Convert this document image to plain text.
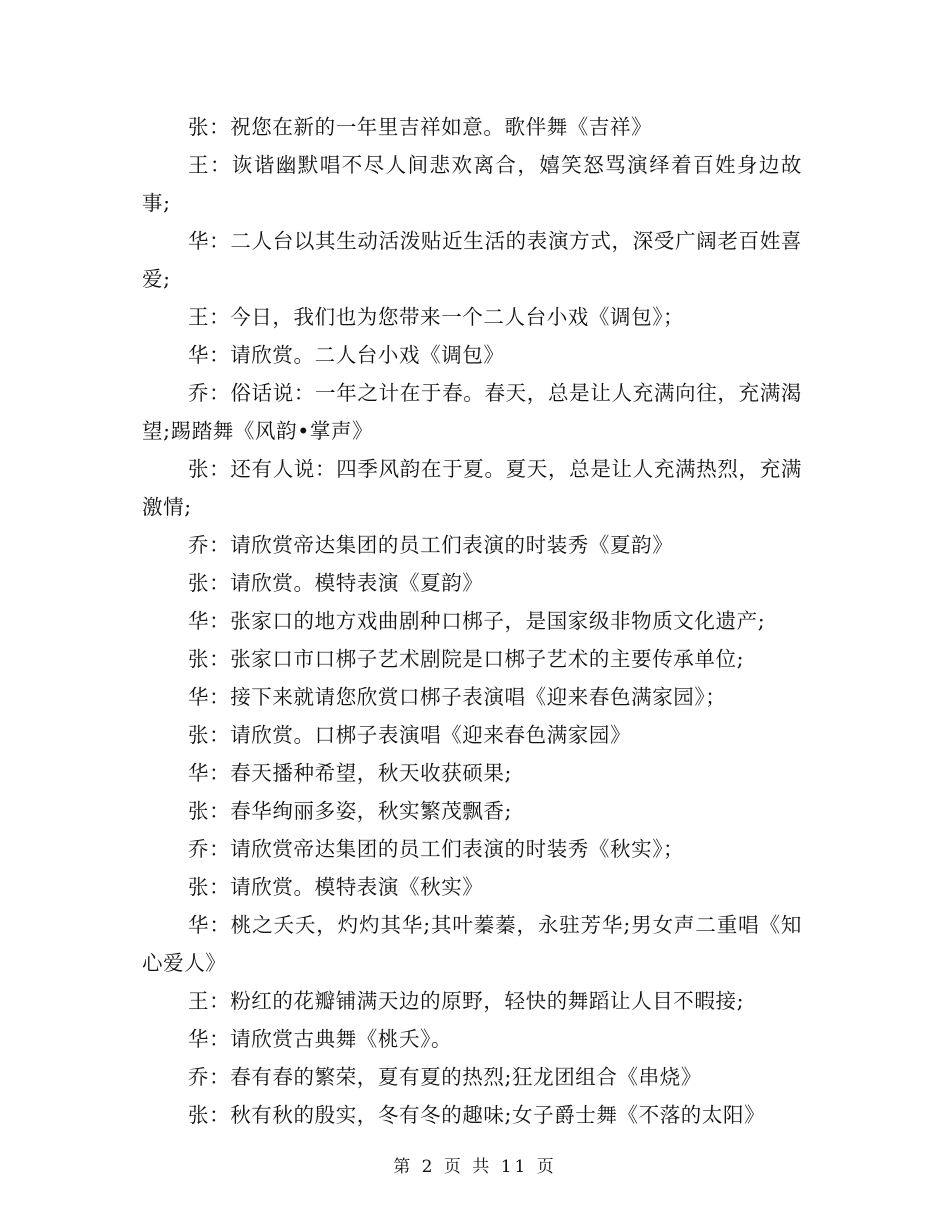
张：祝您在新的一年里吉祥如意。歌伴舞《吉祥》

王：诙谐幽默唱不尽人间悲欢离合，嬉笑怒骂演绎着百姓身边故事;

华：二人台以其生动活泼贴近生活的表演方式，深受广阔老百姓喜爱;

王：今日，我们也为您带来一个二人台小戏《调包》；

华：请欣赏。二人台小戏《调包》

乔：俗话说：一年之计在于春。春天，总是让人充满向往，充满渴望;踢踏舞《风韵•掌声》

张：还有人说：四季风韵在于夏。夏天，总是让人充满热烈，充满激情;

乔：请欣赏帝达集团的员工们表演的时装秀《夏韵》

张：请欣赏。模特表演《夏韵》

华：张家口的地方戏曲剧种口梆子，是国家级非物质文化遗产;

张：张家口市口梆子艺术剧院是口梆子艺术的主要传承单位;

华：接下来就请您欣赏口梆子表演唱《迎来春色满家园》；

张：请欣赏。口梆子表演唱《迎来春色满家园》

华：春天播种希望，秋天收获硕果;

张：春华绚丽多姿，秋实繁茂飘香;

乔：请欣赏帝达集团的员工们表演的时装秀《秋实》；

张：请欣赏。模特表演《秋实》

华：桃之夭夭，灼灼其华;其叶蓁蓁，永驻芳华;男女声二重唱《知心爱人》

王：粉红的花瓣铺满天边的原野，轻快的舞蹈让人目不暇接;

华：请欣赏古典舞《桃夭》。

乔：春有春的繁荣，夏有夏的热烈;狂龙团组合《串烧》

张：秋有秋的殷实，冬有冬的趣味;女子爵士舞《不落的太阳》

第 2 页 共 11 页
